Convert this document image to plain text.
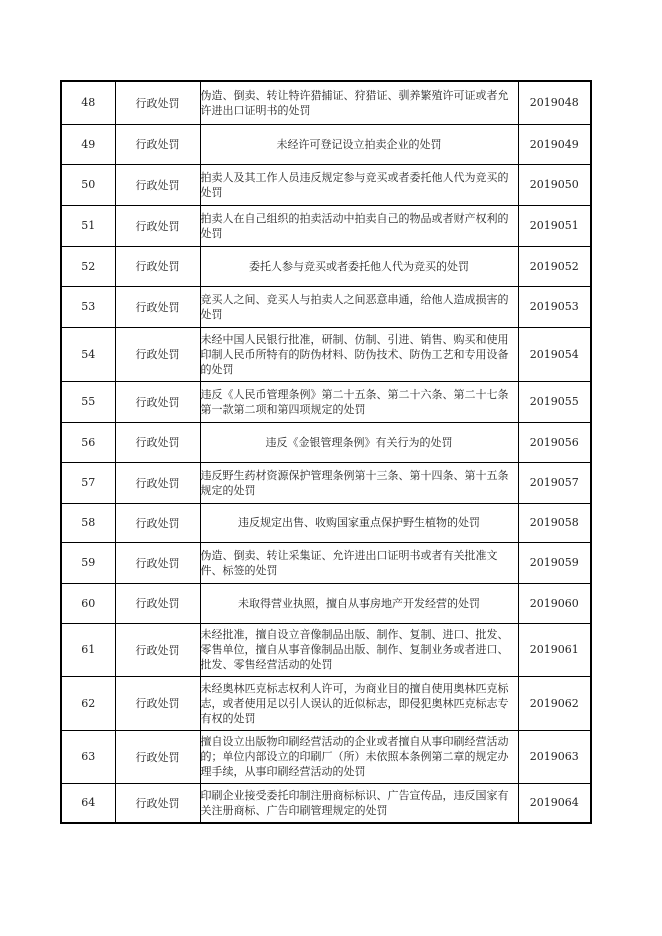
48	行政处罚	伪造、倒卖、转让特许猎捕证、狩猎证、驯养繁殖许可证或者允许进出口证明书的处罚	2019048
49	行政处罚	未经许可登记设立拍卖企业的处罚	2019049
50	行政处罚	拍卖人及其工作人员违反规定参与竞买或者委托他人代为竞买的处罚	2019050
51	行政处罚	拍卖人在自己组织的拍卖活动中拍卖自己的物品或者财产权利的处罚	2019051
52	行政处罚	委托人参与竞买或者委托他人代为竞买的处罚	2019052
53	行政处罚	竞买人之间、竞买人与拍卖人之间恶意串通，给他人造成损害的处罚	2019053
54	行政处罚	未经中国人民银行批准，研制、仿制、引进、销售、购买和使用印制人民币所特有的防伪材料、防伪技术、防伪工艺和专用设备的处罚	2019054
55	行政处罚	违反《人民币管理条例》第二十五条、第二十六条、第二十七条第一款第二项和第四项规定的处罚	2019055
56	行政处罚	违反《金银管理条例》有关行为的处罚	2019056
57	行政处罚	违反野生药材资源保护管理条例第十三条、第十四条、第十五条规定的处罚	2019057
58	行政处罚	违反规定出售、收购国家重点保护野生植物的处罚	2019058
59	行政处罚	伪造、倒卖、转让采集证、允许进出口证明书或者有关批准文件、标签的处罚	2019059
60	行政处罚	未取得营业执照，擅自从事房地产开发经营的处罚	2019060
61	行政处罚	未经批准，擅自设立音像制品出版、制作、复制、进口、批发、零售单位，擅自从事音像制品出版、制作、复制业务或者进口、批发、零售经营活动的处罚	2019061
62	行政处罚	未经奥林匹克标志权利人许可，为商业目的擅自使用奥林匹克标志，或者使用足以引人误认的近似标志，即侵犯奥林匹克标志专有权的处罚	2019062
63	行政处罚	擅自设立出版物印刷经营活动的企业或者擅自从事印刷经营活动的；单位内部设立的印刷厂（所）未依照本条例第二章的规定办理手续，从事印刷经营活动的处罚	2019063
64	行政处罚	印刷企业接受委托印制注册商标标识、广告宣传品，违反国家有关注册商标、广告印刷管理规定的处罚	2019064
